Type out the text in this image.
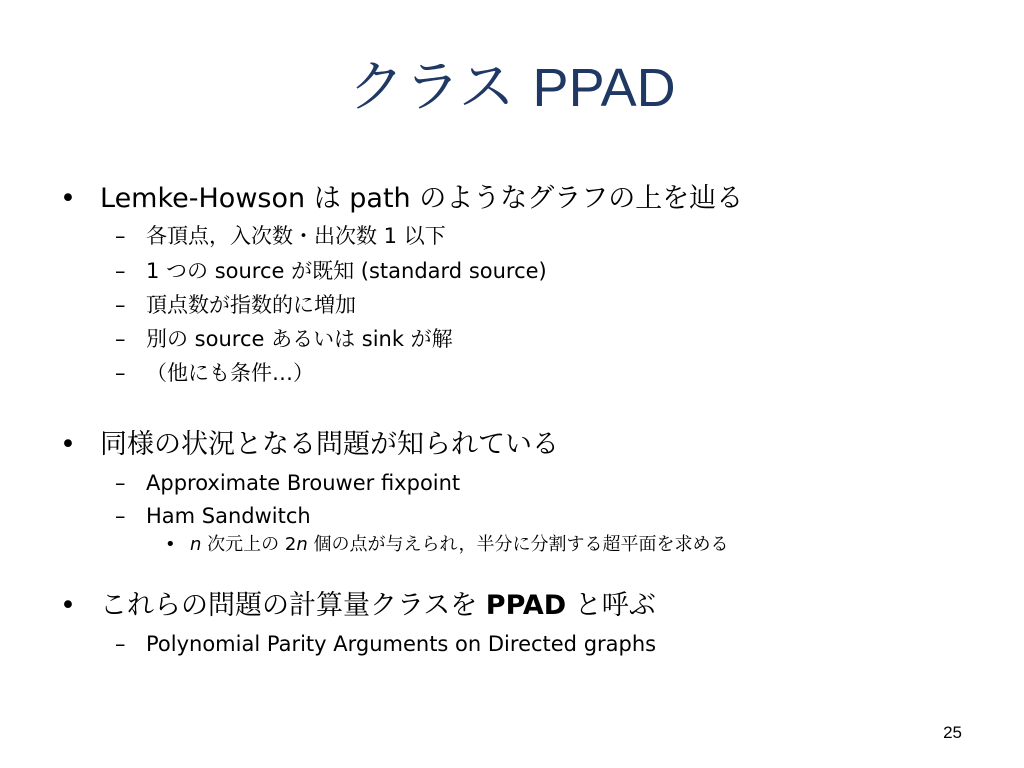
クラス PPAD
• Lemke-Howson は path のようなグラフの上を辿る
– 各頂点，入次数・出次数 1 以下
– 1 つの source が既知 (standard source)
– 頂点数が指数的に増加
– 別の source あるいは sink が解
– （他にも条件…）
• 同様の状況となる問題が知られている
– Approximate Brouwer fixpoint
– Ham Sandwitch
• n 次元上の 2n 個の点が与えられ，半分に分割する超平面を求める
• これらの問題の計算量クラスを PPAD と呼ぶ
– Polynomial Parity Arguments on Directed graphs
25
